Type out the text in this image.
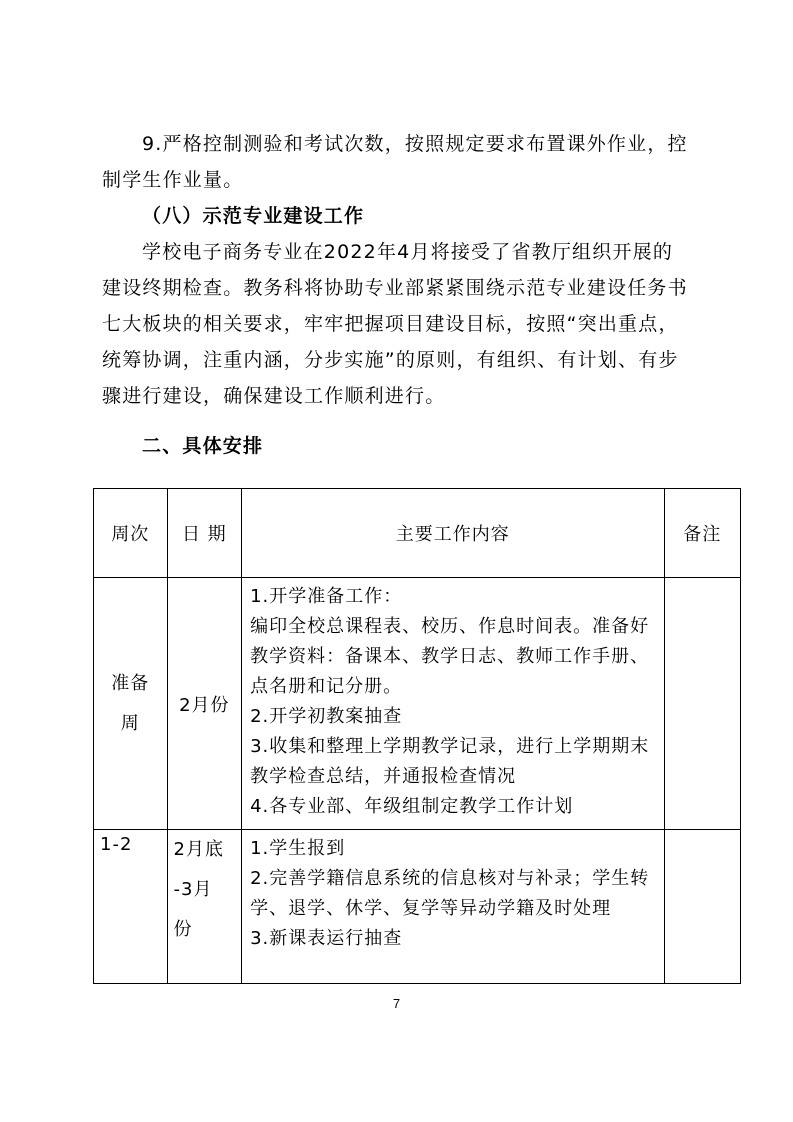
9.严格控制测验和考试次数，按照规定要求布置课外作业，控制学生作业量。

（八）示范专业建设工作

学校电子商务专业在2022年4月将接受了省教厅组织开展的建设终期检查。教务科将协助专业部紧紧围绕示范专业建设任务书七大板块的相关要求，牢牢把握项目建设目标，按照“突出重点，统筹协调，注重内涵，分步实施”的原则，有组织、有计划、有步骤进行建设，确保建设工作顺利进行。

二、具体安排

周次	日 期	主要工作内容	备注

准备
周	2月份	1.开学准备工作：
编印全校总课程表、校历、作息时间表。准备好教学资料：备课本、教学日志、教师工作手册、点名册和记分册。
2.开学初教案抽查
3.收集和整理上学期教学记录，进行上学期期末教学检查总结，并通报检查情况
4.各专业部、年级组制定教学工作计划	

1-2	2月底
-3月
份	1.学生报到
2.完善学籍信息系统的信息核对与补录；学生转学、退学、休学、复学等异动学籍及时处理
3.新课表运行抽查	

7
